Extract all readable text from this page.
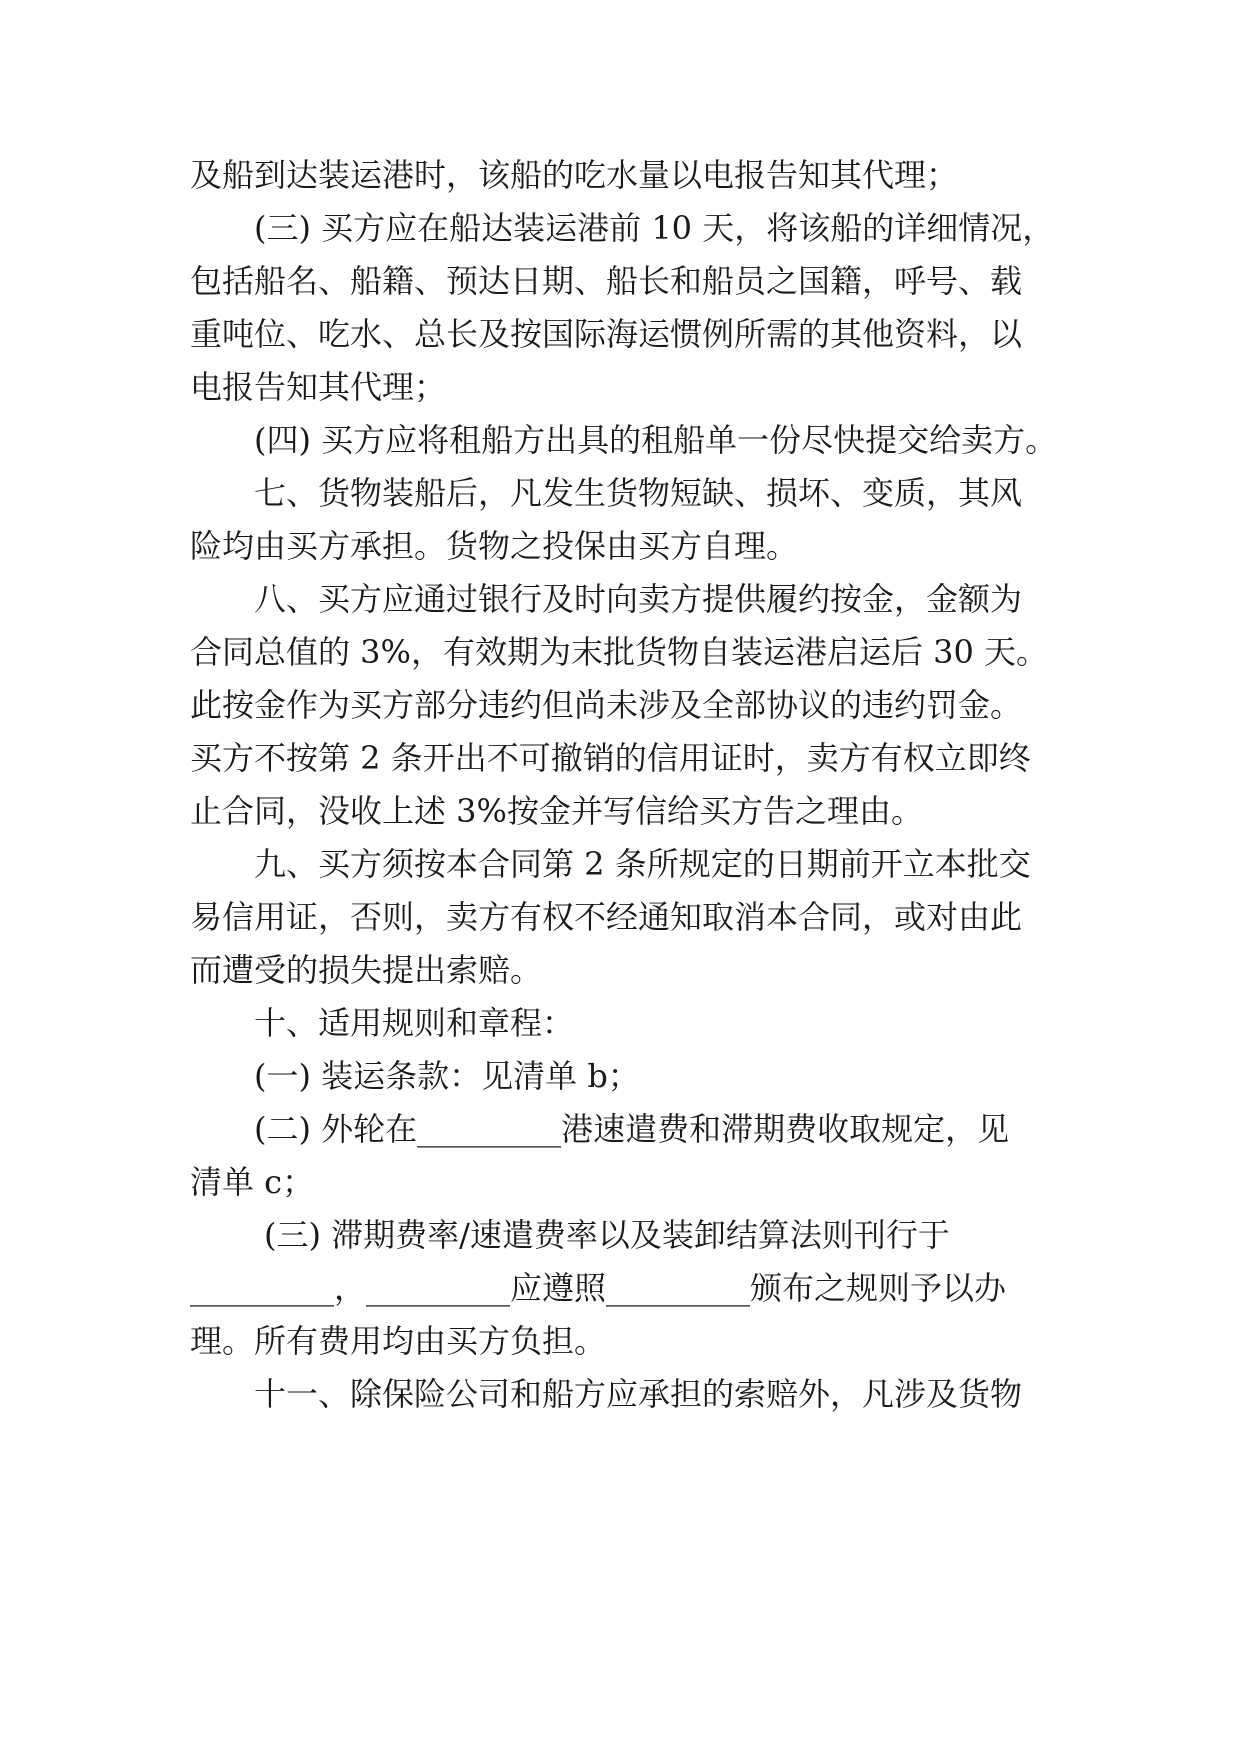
及船到达装运港时，该船的吃水量以电报告知其代理；
(三) 买方应在船达装运港前 10 天，将该船的详细情况，
包括船名、船籍、预达日期、船长和船员之国籍，呼号、载
重吨位、吃水、总长及按国际海运惯例所需的其他资料，以
电报告知其代理；
(四) 买方应将租船方出具的租船单一份尽快提交给卖方。
七、货物装船后，凡发生货物短缺、损坏、变质，其风
险均由买方承担。货物之投保由买方自理。
八、买方应通过银行及时向卖方提供履约按金，金额为
合同总值的 3%，有效期为末批货物自装运港启运后 30 天。
此按金作为买方部分违约但尚未涉及全部协议的违约罚金。
买方不按第 2 条开出不可撤销的信用证时，卖方有权立即终
止合同，没收上述 3%按金并写信给买方告之理由。
九、买方须按本合同第 2 条所规定的日期前开立本批交
易信用证，否则，卖方有权不经通知取消本合同，或对由此
而遭受的损失提出索赔。
十、适用规则和章程：
(一) 装运条款：见清单 b；
(二) 外轮在_________港速遣费和滞期费收取规定，见
清单 c；
(三) 滞期费率/速遣费率以及装卸结算法则刊行于
_________，_________应遵照_________颁布之规则予以办
理。所有费用均由买方负担。
十一、除保险公司和船方应承担的索赔外，凡涉及货物
